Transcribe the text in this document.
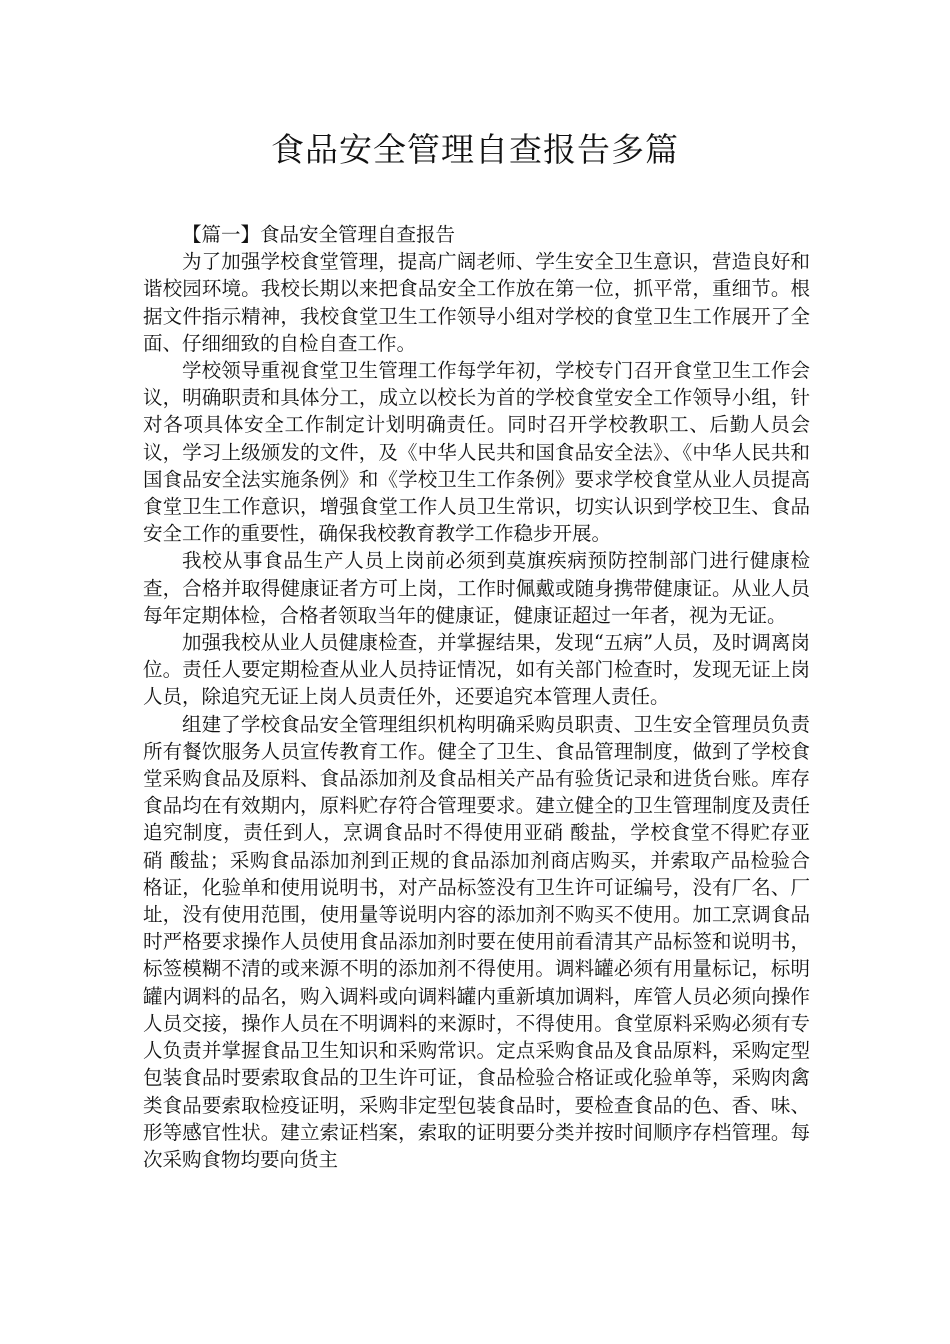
食品安全管理自查报告多篇

【篇一】食品安全管理自查报告

为了加强学校食堂管理，提高广阔老师、学生安全卫生意识，营造良好和谐校园环境。我校长期以来把食品安全工作放在第一位，抓平常，重细节。根据文件指示精神，我校食堂卫生工作领导小组对学校的食堂卫生工作展开了全面、仔细细致的自检自查工作。

学校领导重视食堂卫生管理工作每学年初，学校专门召开食堂卫生工作会议，明确职责和具体分工，成立以校长为首的学校食堂安全工作领导小组，针对各项具体安全工作制定计划明确责任。同时召开学校教职工、后勤人员会议，学习上级颁发的文件，及《中华人民共和国食品安全法》、《中华人民共和国食品安全法实施条例》和《学校卫生工作条例》要求学校食堂从业人员提高食堂卫生工作意识，增强食堂工作人员卫生常识，切实认识到学校卫生、食品安全工作的重要性，确保我校教育教学工作稳步开展。

我校从事食品生产人员上岗前必须到莫旗疾病预防控制部门进行健康检查，合格并取得健康证者方可上岗，工作时佩戴或随身携带健康证。从业人员每年定期体检，合格者领取当年的健康证，健康证超过一年者，视为无证。

加强我校从业人员健康检查，并掌握结果，发现“五病”人员，及时调离岗位。责任人要定期检查从业人员持证情况，如有关部门检查时，发现无证上岗人员，除追究无证上岗人员责任外，还要追究本管理人责任。

组建了学校食品安全管理组织机构明确采购员职责、卫生安全管理员负责所有餐饮服务人员宣传教育工作。健全了卫生、食品管理制度，做到了学校食堂采购食品及原料、食品添加剂及食品相关产品有验货记录和进货台账。库存食品均在有效期内，原料贮存符合管理要求。建立健全的卫生管理制度及责任追究制度，责任到人，烹调食品时不得使用亚硝 酸盐，学校食堂不得贮存亚硝 酸盐；采购食品添加剂到正规的食品添加剂商店购买，并索取产品检验合格证，化验单和使用说明书，对产品标签没有卫生许可证编号，没有厂名、厂址，没有使用范围，使用量等说明内容的添加剂不购买不使用。加工烹调食品时严格要求操作人员使用食品添加剂时要在使用前看清其产品标签和说明书，标签模糊不清的或来源不明的添加剂不得使用。调料罐必须有用量标记，标明罐内调料的品名，购入调料或向调料罐内重新填加调料，库管人员必须向操作人员交接，操作人员在不明调料的来源时，不得使用。食堂原料采购必须有专人负责并掌握食品卫生知识和采购常识。定点采购食品及食品原料，采购定型包装食品时要索取食品的卫生许可证，食品检验合格证或化验单等，采购肉禽类食品要索取检疫证明，采购非定型包装食品时，要检查食品的色、香、味、形等感官性状。建立索证档案，索取的证明要分类并按时间顺序存档管理。每次采购食物均要向货主
